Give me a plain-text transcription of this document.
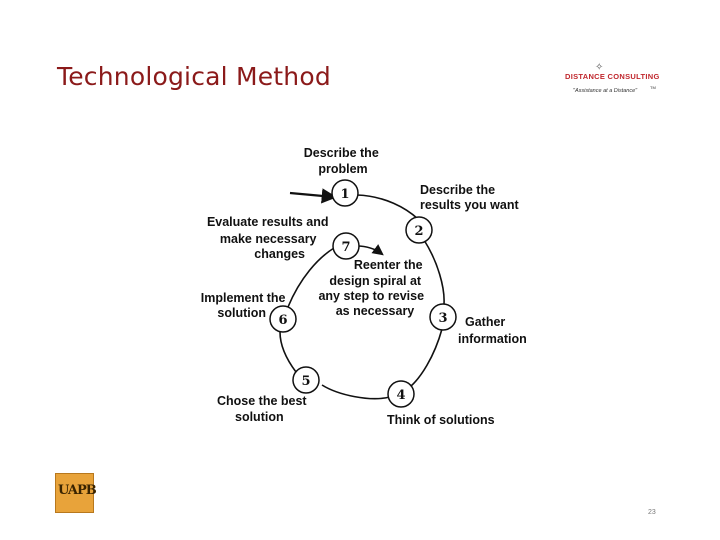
Technological Method	✧
DISTANCE CONSULTING
"Assistance at a Distance"
TM
1
2
3
4
5
6
7
Describe the problem
Describe the results you want
Gather information
Think of solutions
Chose the best solution
Implement the solution
Evaluate results and make necessary changes
Reenter the design spiral at any step to revise as necessary
UAPB
23
